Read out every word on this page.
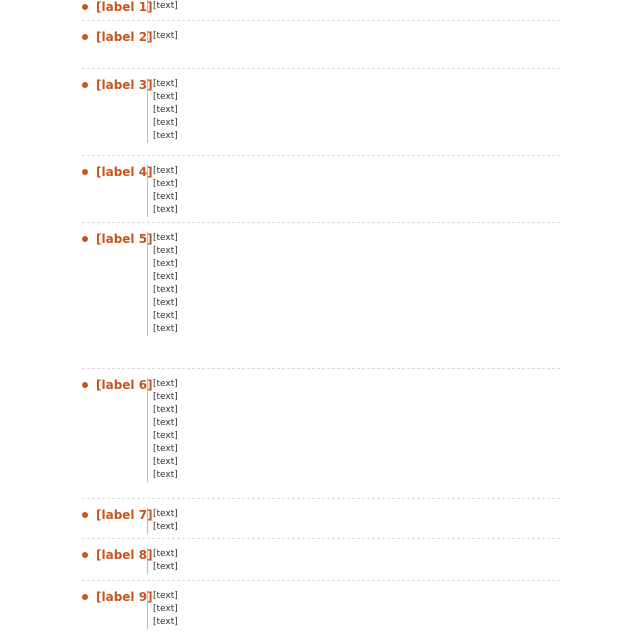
[label 1] [text]

[label 2] [text]

[label 3] [text]

[text]

[text]

[text]

[text]

[label 4] [text]

[text]

[text]

[text]

[label 5] [text]

[text]

[text]

[text]

[text]

[text]

[text]

[text]

[label 6] [text]

[text]

[text]

[text]

[text]

[text]

[text]

[text]

[label 7] [text]

[text]

[label 8] [text]

[text]

[label 9] [text]

[text]

[text]
